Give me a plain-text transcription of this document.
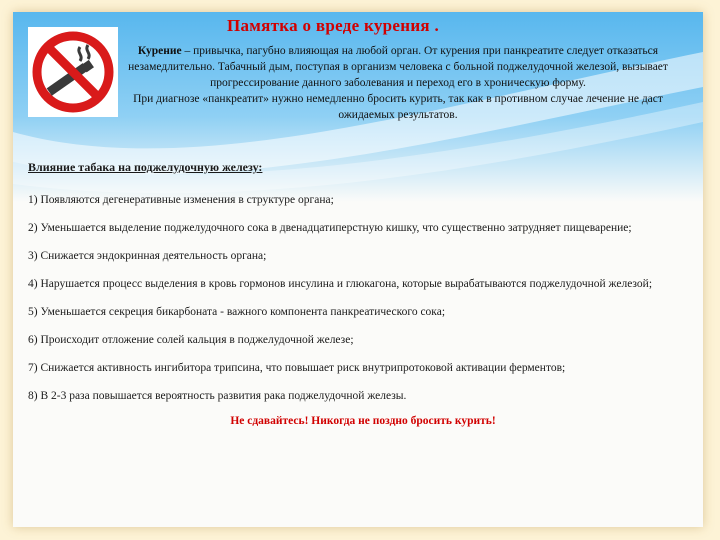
Памятка о вреде курения .
Курение – привычка, пагубно влияющая на любой орган. От курения при панкреатите следует отказаться незамедлительно. Табачный дым, поступая в организм человека с больной поджелудочной железой, вызывает прогрессирование данного заболевания и переход его в хроническую форму.
При диагнозе «панкреатит» нужно немедленно бросить курить, так как в противном случае лечение не даст ожидаемых результатов.

Влияние табака на поджелудочную железу:

1) Появляются дегенеративные изменения в структуре органа;
2) Уменьшается выделение поджелудочного сока в двенадцатиперстную кишку, что существенно затрудняет пищеварение;
3) Снижается эндокринная деятельность органа;
4) Нарушается процесс выделения в кровь гормонов инсулина и глюкагона, которые вырабатываются поджелудочной железой;
5) Уменьшается секреция бикарбоната - важного компонента панкреатического сока;
6) Происходит отложение солей кальция в поджелудочной железе;
7) Снижается активность ингибитора трипсина, что повышает риск внутрипротоковой активации ферментов;
8) В 2-3 раза повышается вероятность развития рака поджелудочной железы.
Не сдавайтесь! Никогда не поздно бросить курить!
